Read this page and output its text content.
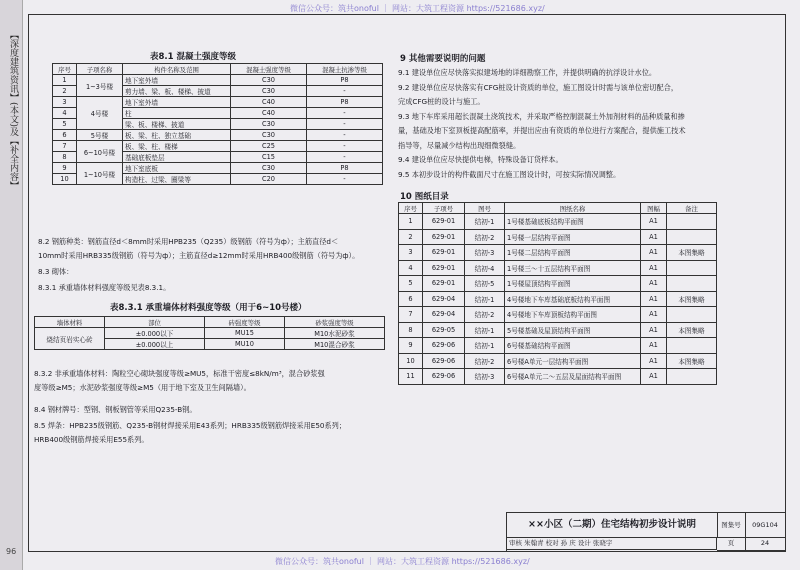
【深度建筑资讯】(本文)及【补全内容】
微信公众号：筑共onoful ｜ 网站：大筑工程资源 https://521686.xyz/
微信公众号：筑共onoful ｜ 网站：大筑工程资源 https://521686.xyz/
96
表8.1 混凝土强度等级
序号	子项名称	构件名称及范围	混凝土强度等级	混凝土抗渗等级
1	1~3号楼	地下室外墙	C30	P8
2		剪力墙、梁、板、楼梯、披道	C30	-
3	4号楼	地下室外墙	C40	P8
4		柱	C40	-
5		梁、板、楼梯、披道	C30	-
6	5号楼	板、梁、柱、独立基础	C30	-
7	6~10号楼	板、梁、柱、楼梯	C25	-
8		基础底板垫层	C15	-
9	1~10号楼	地下室底板	C30	P8
10		构造柱、过梁、圈梁等	C20	-
8.2 钢筋种类：钢筋直径d＜8mm时采用HPB235（Q235）级钢筋（符号为ф）；主筋直径d＜
10mm时采用HRB335级钢筋（符号为ф）；主筋直径d≥12mm时采用HRB400级钢筋（符号为ф）。
8.3 砌体：
8.3.1 承重墙体材料强度等级见表8.3.1。
表8.3.1 承重墙体材料强度等级（用于6~10号楼）
墙体材料	部位	砖强度等级	砂浆强度等级
烧结页岩实心砖	±0.000以下	MU15	M10水泥砂浆
	±0.000以上	MU10	M10混合砂浆
8.3.2 非承重墙体材料：陶粒空心砌块强度等级≥MU5，标准干密度≤8kN/m³，混合砂浆强
度等级≥M5；水泥砂浆强度等级≥M5（用于地下室及卫生间隔墙）。
8.4 钢材牌号：型钢、钢板钢管等采用Q235-B钢。
8.5 焊条：HPB235级钢筋、Q235-B钢材焊接采用E43系列；HRB335级钢筋焊接采用E50系列；
HRB400级钢筋焊接采用E55系列。
9 其他需要说明的问题
9.1 建设单位应尽快落实拟建场地的详细勘察工作，并提供明确的抗浮设计水位。
9.2 建设单位应尽快落实有CFG桩设计资质的单位，施工图设计时需与该单位密切配合，
完成CFG桩的设计与施工。
9.3 地下车库采用超长混凝土浇筑技术，并采取严格控制混凝土外加剂材料的品种质量和掺
量，基础及地下室顶板提高配筋率，并提出应由有资质的单位进行方案配合，提供施工技术
指导等，尽量减少结构出现细微裂缝。
9.4 建设单位应尽快提供电梯，特殊设备订货样本。
9.5 本初步设计的构件截面尺寸在施工图设计时，可按实际情况调整。
10 图纸目录
序号	子项号	图号	图纸名称	图幅	备注
1	629-01	结初-1	1号楼基础底板结构平面图	A1	
2	629-01	结初-2	1号楼一层结构平面图	A1	
3	629-01	结初-3	1号楼二层结构平面图	A1	本图集略
4	629-01	结初-4	1号楼三～十五层结构平面图	A1	
5	629-01	结初-5	1号楼屋顶结构平面图	A1	
6	629-04	结初-1	4号楼地下车库基础底板结构平面图	A1	本图集略
7	629-04	结初-2	4号楼地下车库顶板结构平面图	A1	
8	629-05	结初-1	5号楼基础及屋顶结构平面图	A1	本图集略
9	629-06	结初-1	6号楼基础结构平面图	A1	
10	629-06	结初-2	6号楼A单元一层结构平面图	A1	本图集略
11	629-06	结初-3	6号楼A单元二～五层及屋面结构平面图	A1	
××小区（二期）住宅结构初步设计说明	图集号	09G104
审核 朱翰青 校对 孙 庆 设计 张晓宇	页	24
